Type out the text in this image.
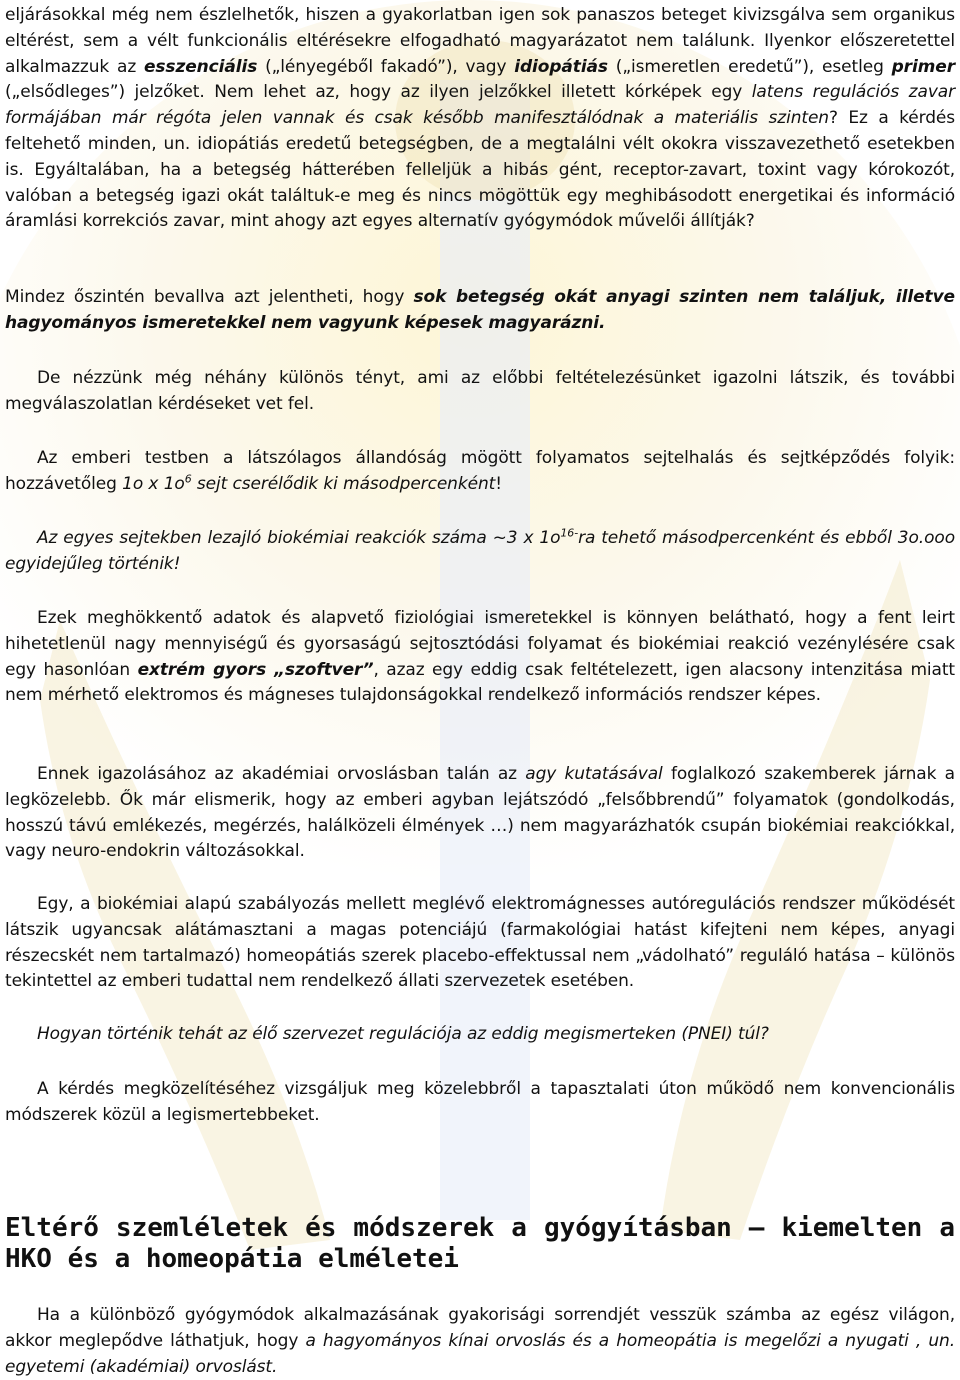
eljárásokkal még nem észlelhetők, hiszen a gyakorlatban igen sok panaszos beteget kivizsgálva sem organikus eltérést, sem a vélt funkcionális eltérésekre elfogadható magyarázatot nem találunk. Ilyenkor előszeretettel alkalmazzuk az esszenciális („lényegéből fakadó”), vagy idiopátiás („ismeretlen eredetű”), esetleg primer („elsődleges”) jelzőket. Nem lehet az, hogy az ilyen jelzőkkel illetett kórképek egy latens regulációs zavar formájában már régóta jelen vannak és csak később manifesztálódnak a materiális szinten? Ez a kérdés feltehető minden, un. idiopátiás eredetű betegségben, de a megtalálni vélt okokra visszavezethető esetekben is. Egyáltalában, ha a betegség hátterében felleljük a hibás gént, receptor-zavart, toxint vagy kórokozót, valóban a betegség igazi okát találtuk-e meg és nincs mögöttük egy meghibásodott energetikai és információ áramlási korrekciós zavar, mint ahogy azt egyes alternatív gyógymódok művelői állítják?

Mindez őszintén bevallva azt jelentheti, hogy sok betegség okát anyagi szinten nem találjuk, illetve hagyományos ismeretekkel nem vagyunk képesek magyarázni.

De nézzünk még néhány különös tényt, ami az előbbi feltételezésünket igazolni látszik, és további megválaszolatlan kérdéseket vet fel.

Az emberi testben a látszólagos állandóság mögött folyamatos sejtelhalás és sejtképződés folyik: hozzávetőleg 1o x $1o^6$ sejt cserélődik ki másodpercenként!

Az egyes sejtekben lezajló biokémiai reakciók száma ~3 x $1o^{16-}ra$ tehető másodpercenként és ebből 3o.ooo egyidejűleg történik!

Ezek meghökkentő adatok és alapvető fiziológiai ismeretekkel is könnyen belátható, hogy a fent leirt hihetetlenül nagy mennyiségű és gyorsaságú sejtosztódási folyamat és biokémiai reakció vezénylésére csak egy hasonlóan extrém gyors „szoftver”, azaz egy eddig csak feltételezett, igen alacsony intenzitása miatt nem mérhető elektromos és mágneses tulajdonságokkal rendelkező információs rendszer képes.

Ennek igazolásához az akadémiai orvoslásban talán az agy kutatásával foglalkozó szakemberek járnak a legközelebb. Ők már elismerik, hogy az emberi agyban lejátszódó „felsőbbrendű” folyamatok (gondolkodás, hosszú távú emlékezés, megérzés, halálközeli élmények …) nem magyarázhatók csupán biokémiai reakciókkal, vagy neuro-endokrin változásokkal.

Egy, a biokémiai alapú szabályozás mellett meglévő elektromágnesses autóregulációs rendszer működését látszik ugyancsak alátámasztani a magas potenciájú (farmakológiai hatást kifejteni nem képes, anyagi részecskét nem tartalmazó) homeopátiás szerek placebo-effektussal nem „vádolható” reguláló hatása – különös tekintettel az emberi tudattal nem rendelkező állati szervezetek esetében.

Hogyan történik tehát az élő szervezet regulációja az eddig megismerteken (PNEI) túl?

A kérdés megközelítéséhez vizsgáljuk meg közelebbről a tapasztalati úton működő nem konvencionális módszerek közül a legismertebbeket.

Eltérő szemléletek és módszerek a gyógyításban – kiemelten a HKO és a homeopátia elméletei

Ha a különböző gyógymódok alkalmazásának gyakorisági sorrendjét vesszük számba az egész világon, akkor meglepődve láthatjuk, hogy a hagyományos kínai orvoslás és a homeopátia is megelőzi a nyugati , un. egyetemi (akadémiai) orvoslást.
